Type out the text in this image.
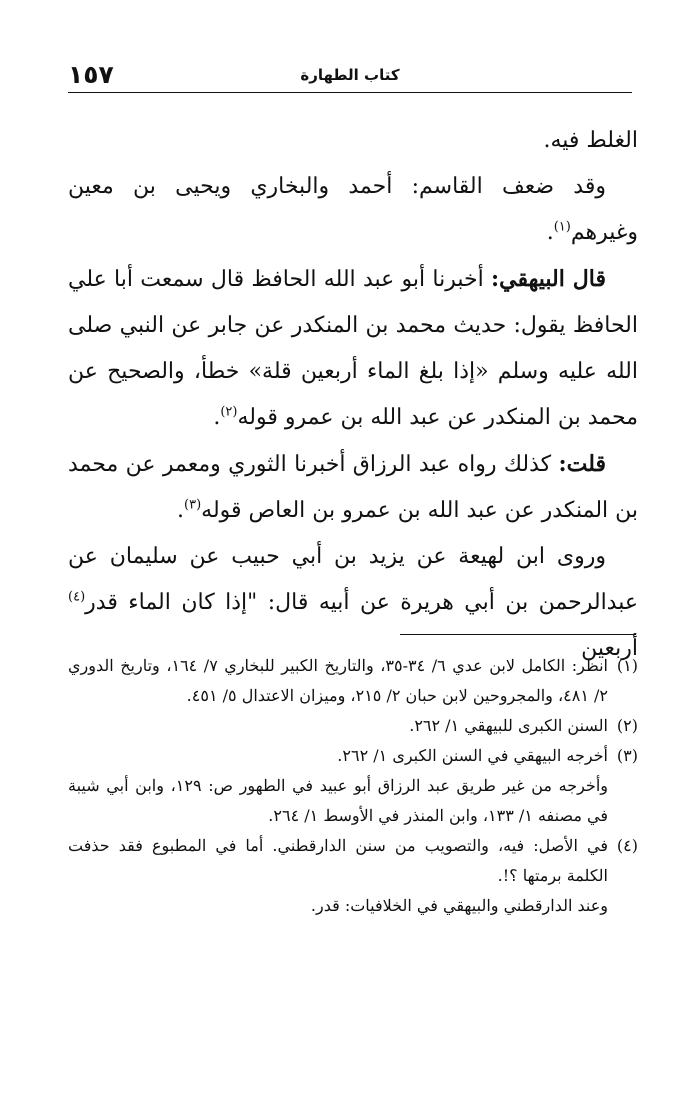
كتاب الطهارة
١٥٧

الغلط فيه.

وقد ضعف القاسم: أحمد والبخاري ويحيى بن معين وغيرهم$^{(١)}$.

قال البيهقي: أخبرنا أبو عبد الله الحافظ قال سمعت أبا علي الحافظ يقول: حديث محمد بن المنكدر عن جابر عن النبي صلى الله عليه وسلم «إذا بلغ الماء أربعين قلة» خطأ، والصحيح عن محمد بن المنكدر عن عبد الله بن عمرو قوله$^{(٢)}$.

قلت: كذلك رواه عبد الرزاق أخبرنا الثوري ومعمر عن محمد بن المنكدر عن عبد الله بن عمرو بن العاص قوله$^{(٣)}$.

وروى ابن لهيعة عن يزيد بن أبي حبيب عن سليمان عن عبدالرحمن بن أبي هريرة عن أبيه قال: "إذا كان الماء قدر$^{(٤)}$ أربعين

(١)
انظر: الكامل لابن عدي ٦/ ٣٤-٣٥، والتاريخ الكبير للبخاري ٧/ ١٦٤، وتاريخ الدوري ٢/ ٤٨١، والمجروحين لابن حبان ٢/ ٢١٥، وميزان الاعتدال ٥/ ٤٥١.
(٢)
السنن الكبرى للبيهقي ١/ ٢٦٢.
(٣)
أخرجه البيهقي في السنن الكبرى ١/ ٢٦٢.
وأخرجه من غير طريق عبد الرزاق أبو عبيد في الطهور ص: ١٢٩، وابن أبي شيبة في مصنفه ١/ ١٣٣، وابن المنذر في الأوسط ١/ ٢٦٤.
(٤)
في الأصل: فيه، والتصويب من سنن الدارقطني. أما في المطبوع فقد حذفت الكلمة برمتها ؟!.
وعند الدارقطني والبيهقي في الخلافيات: قدر.
